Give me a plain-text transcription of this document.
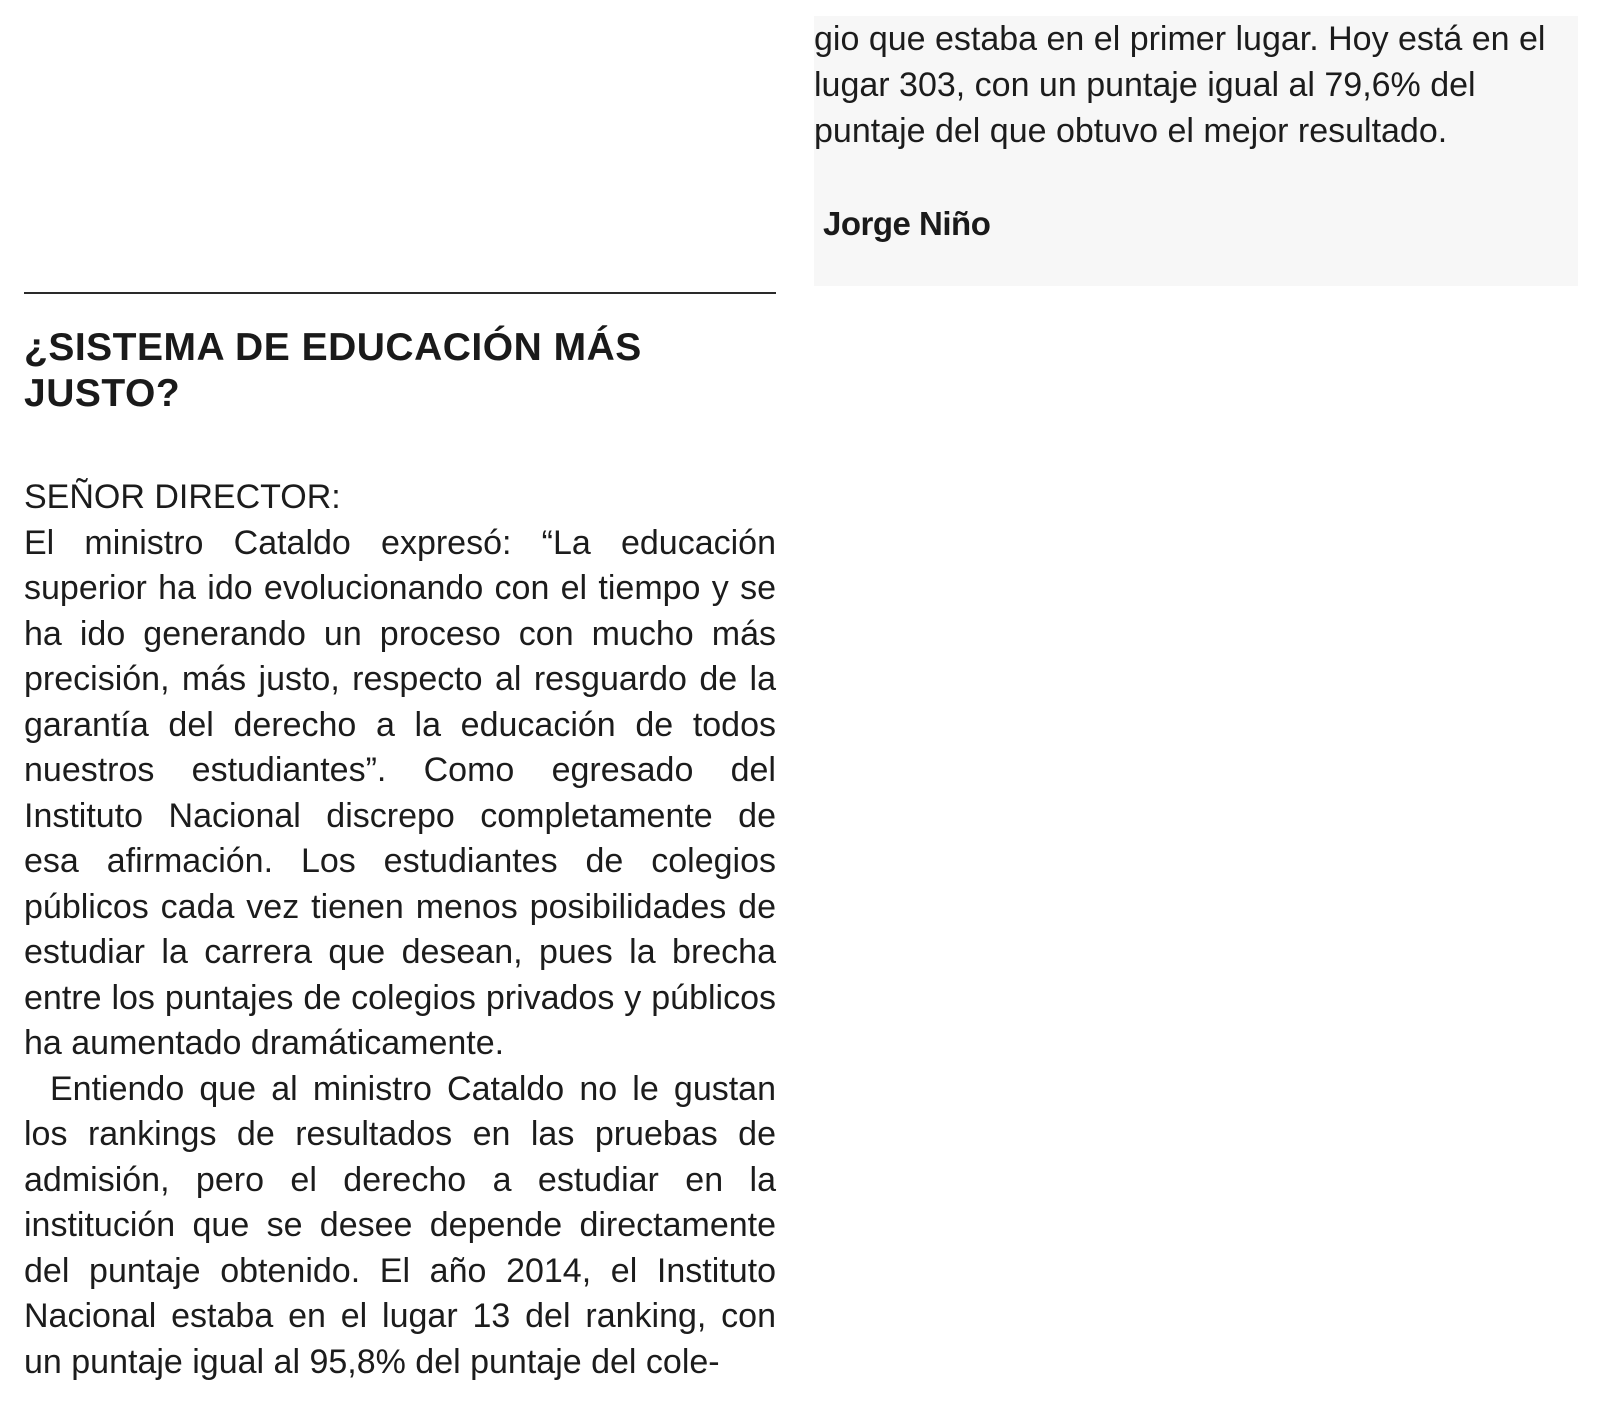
gio que estaba en el primer lugar. Hoy está en el lugar 303, con un puntaje igual al 79,6% del puntaje del que obtuvo el mejor resultado.

Jorge Niño
¿SISTEMA DE EDUCACIÓN MÁS JUSTO?

SEÑOR DIRECTOR:

El ministro Cataldo expresó: “La educación superior ha ido evolucionando con el tiempo y se ha ido generando un proceso con mucho más precisión, más justo, respecto al resguardo de la garantía del derecho a la educación de todos nuestros estudiantes”. Como egresado del Instituto Nacional discrepo completamente de esa afirmación. Los estudiantes de colegios públicos cada vez tienen menos posibilidades de estudiar la carrera que desean, pues la brecha entre los puntajes de colegios privados y públicos ha aumentado dramáticamente.

Entiendo que al ministro Cataldo no le gustan los rankings de resultados en las pruebas de admisión, pero el derecho a estudiar en la institución que se desee depende directamente del puntaje obtenido. El año 2014, el Instituto Nacional estaba en el lugar 13 del ranking, con un puntaje igual al 95,8% del puntaje del cole-
